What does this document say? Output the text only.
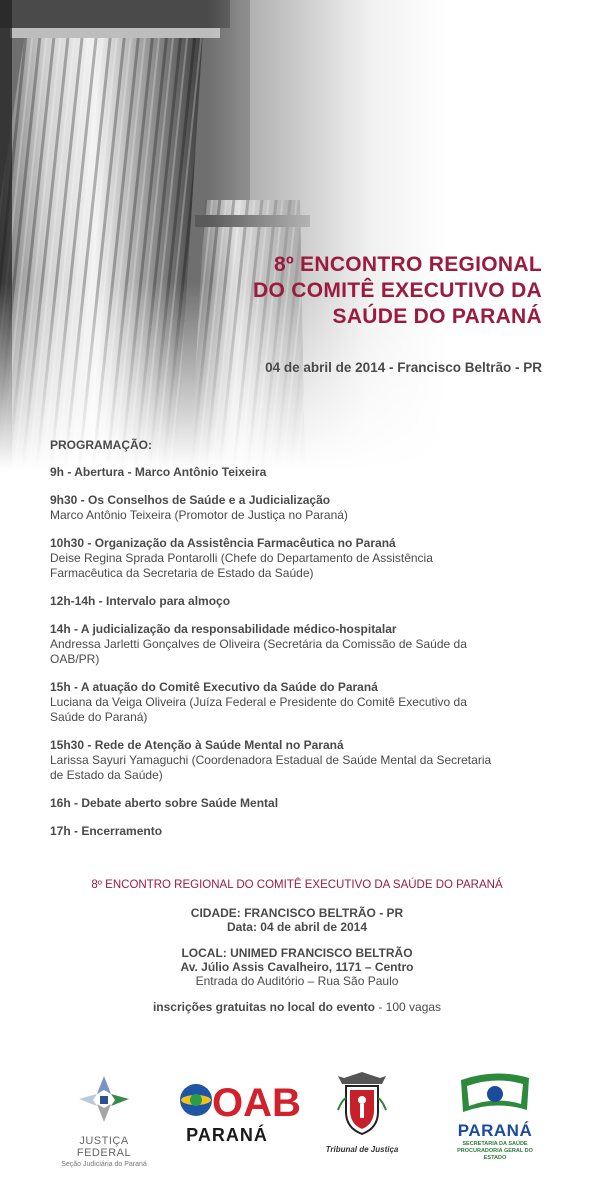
8º ENCONTRO REGIONAL
DO COMITÊ EXECUTIVO DA
SAÚDE DO PARANÁ
04 de abril de 2014 - Francisco Beltrão - PR
PROGRAMAÇÃO:
9h - Abertura - Marco Antônio Teixeira
9h30 - Os Conselhos de Saúde e a Judicialização
Marco Antônio Teixeira (Promotor de Justiça no Paraná)
10h30 - Organização da Assistência Farmacêutica no Paraná
Deise Regina Sprada Pontarolli (Chefe do Departamento de Assistência
Farmacêutica da Secretaria de Estado da Saúde)
12h-14h - Intervalo para almoço
14h - A judicialização da responsabilidade médico-hospitalar
Andressa Jarletti Gonçalves de Oliveira (Secretária da Comissão de Saúde da
OAB/PR)
15h - A atuação do Comitê Executivo da Saúde do Paraná
Luciana da Veiga Oliveira (Juíza Federal e Presidente do Comitê Executivo da
Saúde do Paraná)
15h30 - Rede de Atenção à Saúde Mental no Paraná
Larissa Sayuri Yamaguchi (Coordenadora Estadual de Saúde Mental da Secretaria
de Estado da Saúde)
16h - Debate aberto sobre Saúde Mental
17h - Encerramento
8º ENCONTRO REGIONAL DO COMITÊ EXECUTIVO DA SAÚDE DO PARANÁ
CIDADE: FRANCISCO BELTRÃO - PR
Data: 04 de abril de 2014
LOCAL: UNIMED FRANCISCO BELTRÃO
Av. Júlio Assis Cavalheiro, 1171 – Centro
Entrada do Auditório – Rua São Paulo
inscrições gratuitas no local do evento - 100 vagas
JUSTIÇA FEDERAL
Seção Judiciária do Paraná
OAB
PARANÁ
Tribunal de Justiça
PARANÁ
SECRETARIA DA SAÚDE
PROCURADORIA GERAL DO ESTADO
